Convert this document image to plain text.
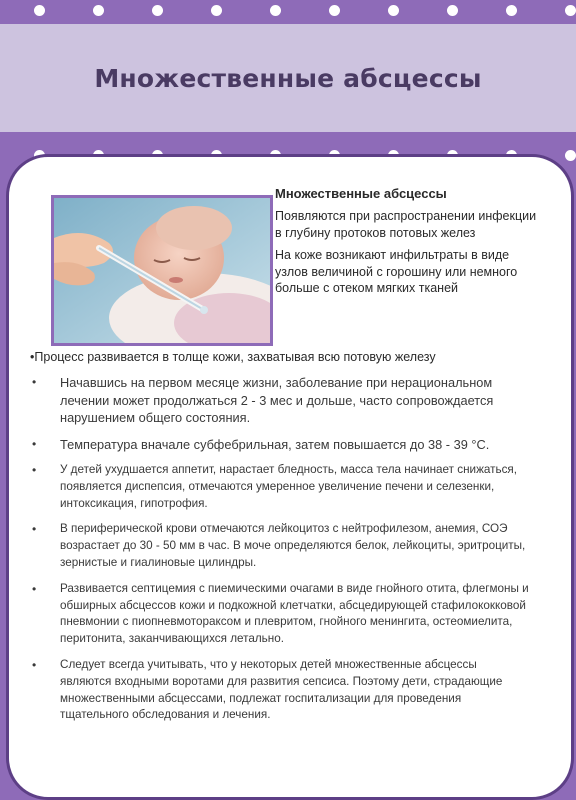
Множественные абсцессы

Множественные абсцессы

Появляются при распространении инфекции в глубину протоков потовых желез

На коже возникают инфильтраты в виде узлов величиной с горошину или немного больше с отеком мягких тканей

•Процесс развивается в толще кожи, захватывая всю потовую железу
• Начавшись на первом месяце жизни, заболевание при нерациональном лечении может продолжаться 2 - 3 мес и дольше, часто сопровождается нарушением общего состояния.
• Температура вначале субфебрильная, затем повышается до 38 - 39 °С.
• У детей ухудшается аппетит, нарастает бледность, масса тела начинает снижаться, появляется диспепсия, отмечаются умеренное увеличение печени и селезенки, интоксикация, гипотрофия.
• В периферической крови отмечаются лейкоцитоз с нейтрофилезом, анемия, СОЭ возрастает до 30 - 50 мм в час. В моче определяются белок, лейкоциты, эритроциты, зернистые и гиалиновые цилиндры.
• Развивается септицемия с пиемическими очагами в виде гнойного отита, флегмоны и обширных абсцессов кожи и подкожной клетчатки, абсцедирующей стафилококковой пневмонии с пиопневмотораксом и плевритом, гнойного менингита, остеомиелита, перитонита, заканчивающихся летально.
• Следует всегда учитывать, что у некоторых детей множественные абсцессы являются входными воротами для развития сепсиса. Поэтому дети, страдающие множественными абсцессами, подлежат госпитализации для проведения тщательного обследования и лечения.
